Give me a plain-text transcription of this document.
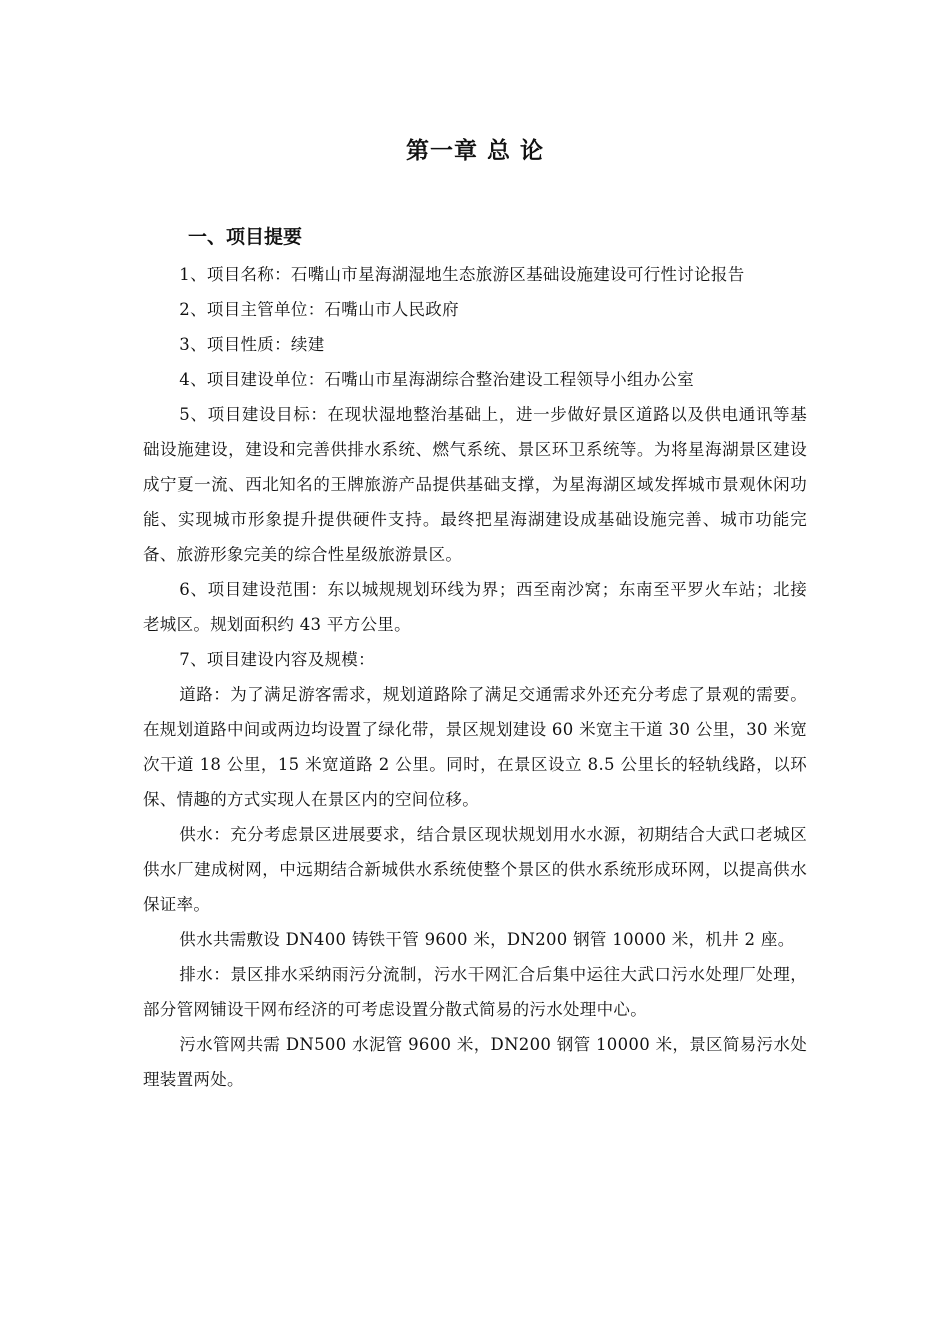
第一章 总 论
一、项目提要

1、项目名称：石嘴山市星海湖湿地生态旅游区基础设施建设可行性讨论报告

2、项目主管单位：石嘴山市人民政府

3、项目性质：续建

4、项目建设单位：石嘴山市星海湖综合整治建设工程领导小组办公室

5、项目建设目标：在现状湿地整治基础上，进一步做好景区道路以及供电通讯等基础设施建设，建设和完善供排水系统、燃气系统、景区环卫系统等。为将星海湖景区建设成宁夏一流、西北知名的王牌旅游产品提供基础支撑，为星海湖区域发挥城市景观休闲功能、实现城市形象提升提供硬件支持。最终把星海湖建设成基础设施完善、城市功能完备、旅游形象完美的综合性星级旅游景区。

6、项目建设范围：东以城规规划环线为界；西至南沙窝；东南至平罗火车站；北接老城区。规划面积约 43 平方公里。

7、项目建设内容及规模：

道路：为了满足游客需求，规划道路除了满足交通需求外还充分考虑了景观的需要。在规划道路中间或两边均设置了绿化带，景区规划建设 60 米宽主干道 30 公里，30 米宽次干道 18 公里，15 米宽道路 2 公里。同时，在景区设立 8.5 公里长的轻轨线路，以环保、情趣的方式实现人在景区内的空间位移。

供水：充分考虑景区进展要求，结合景区现状规划用水水源，初期结合大武口老城区供水厂建成树网，中远期结合新城供水系统使整个景区的供水系统形成环网，以提高供水保证率。

供水共需敷设 DN400 铸铁干管 9600 米，DN200 钢管 10000 米，机井 2 座。

排水：景区排水采纳雨污分流制，污水干网汇合后集中运往大武口污水处理厂处理，部分管网铺设干网布经济的可考虑设置分散式简易的污水处理中心。

污水管网共需 DN500 水泥管 9600 米，DN200 钢管 10000 米，景区简易污水处理装置两处。
